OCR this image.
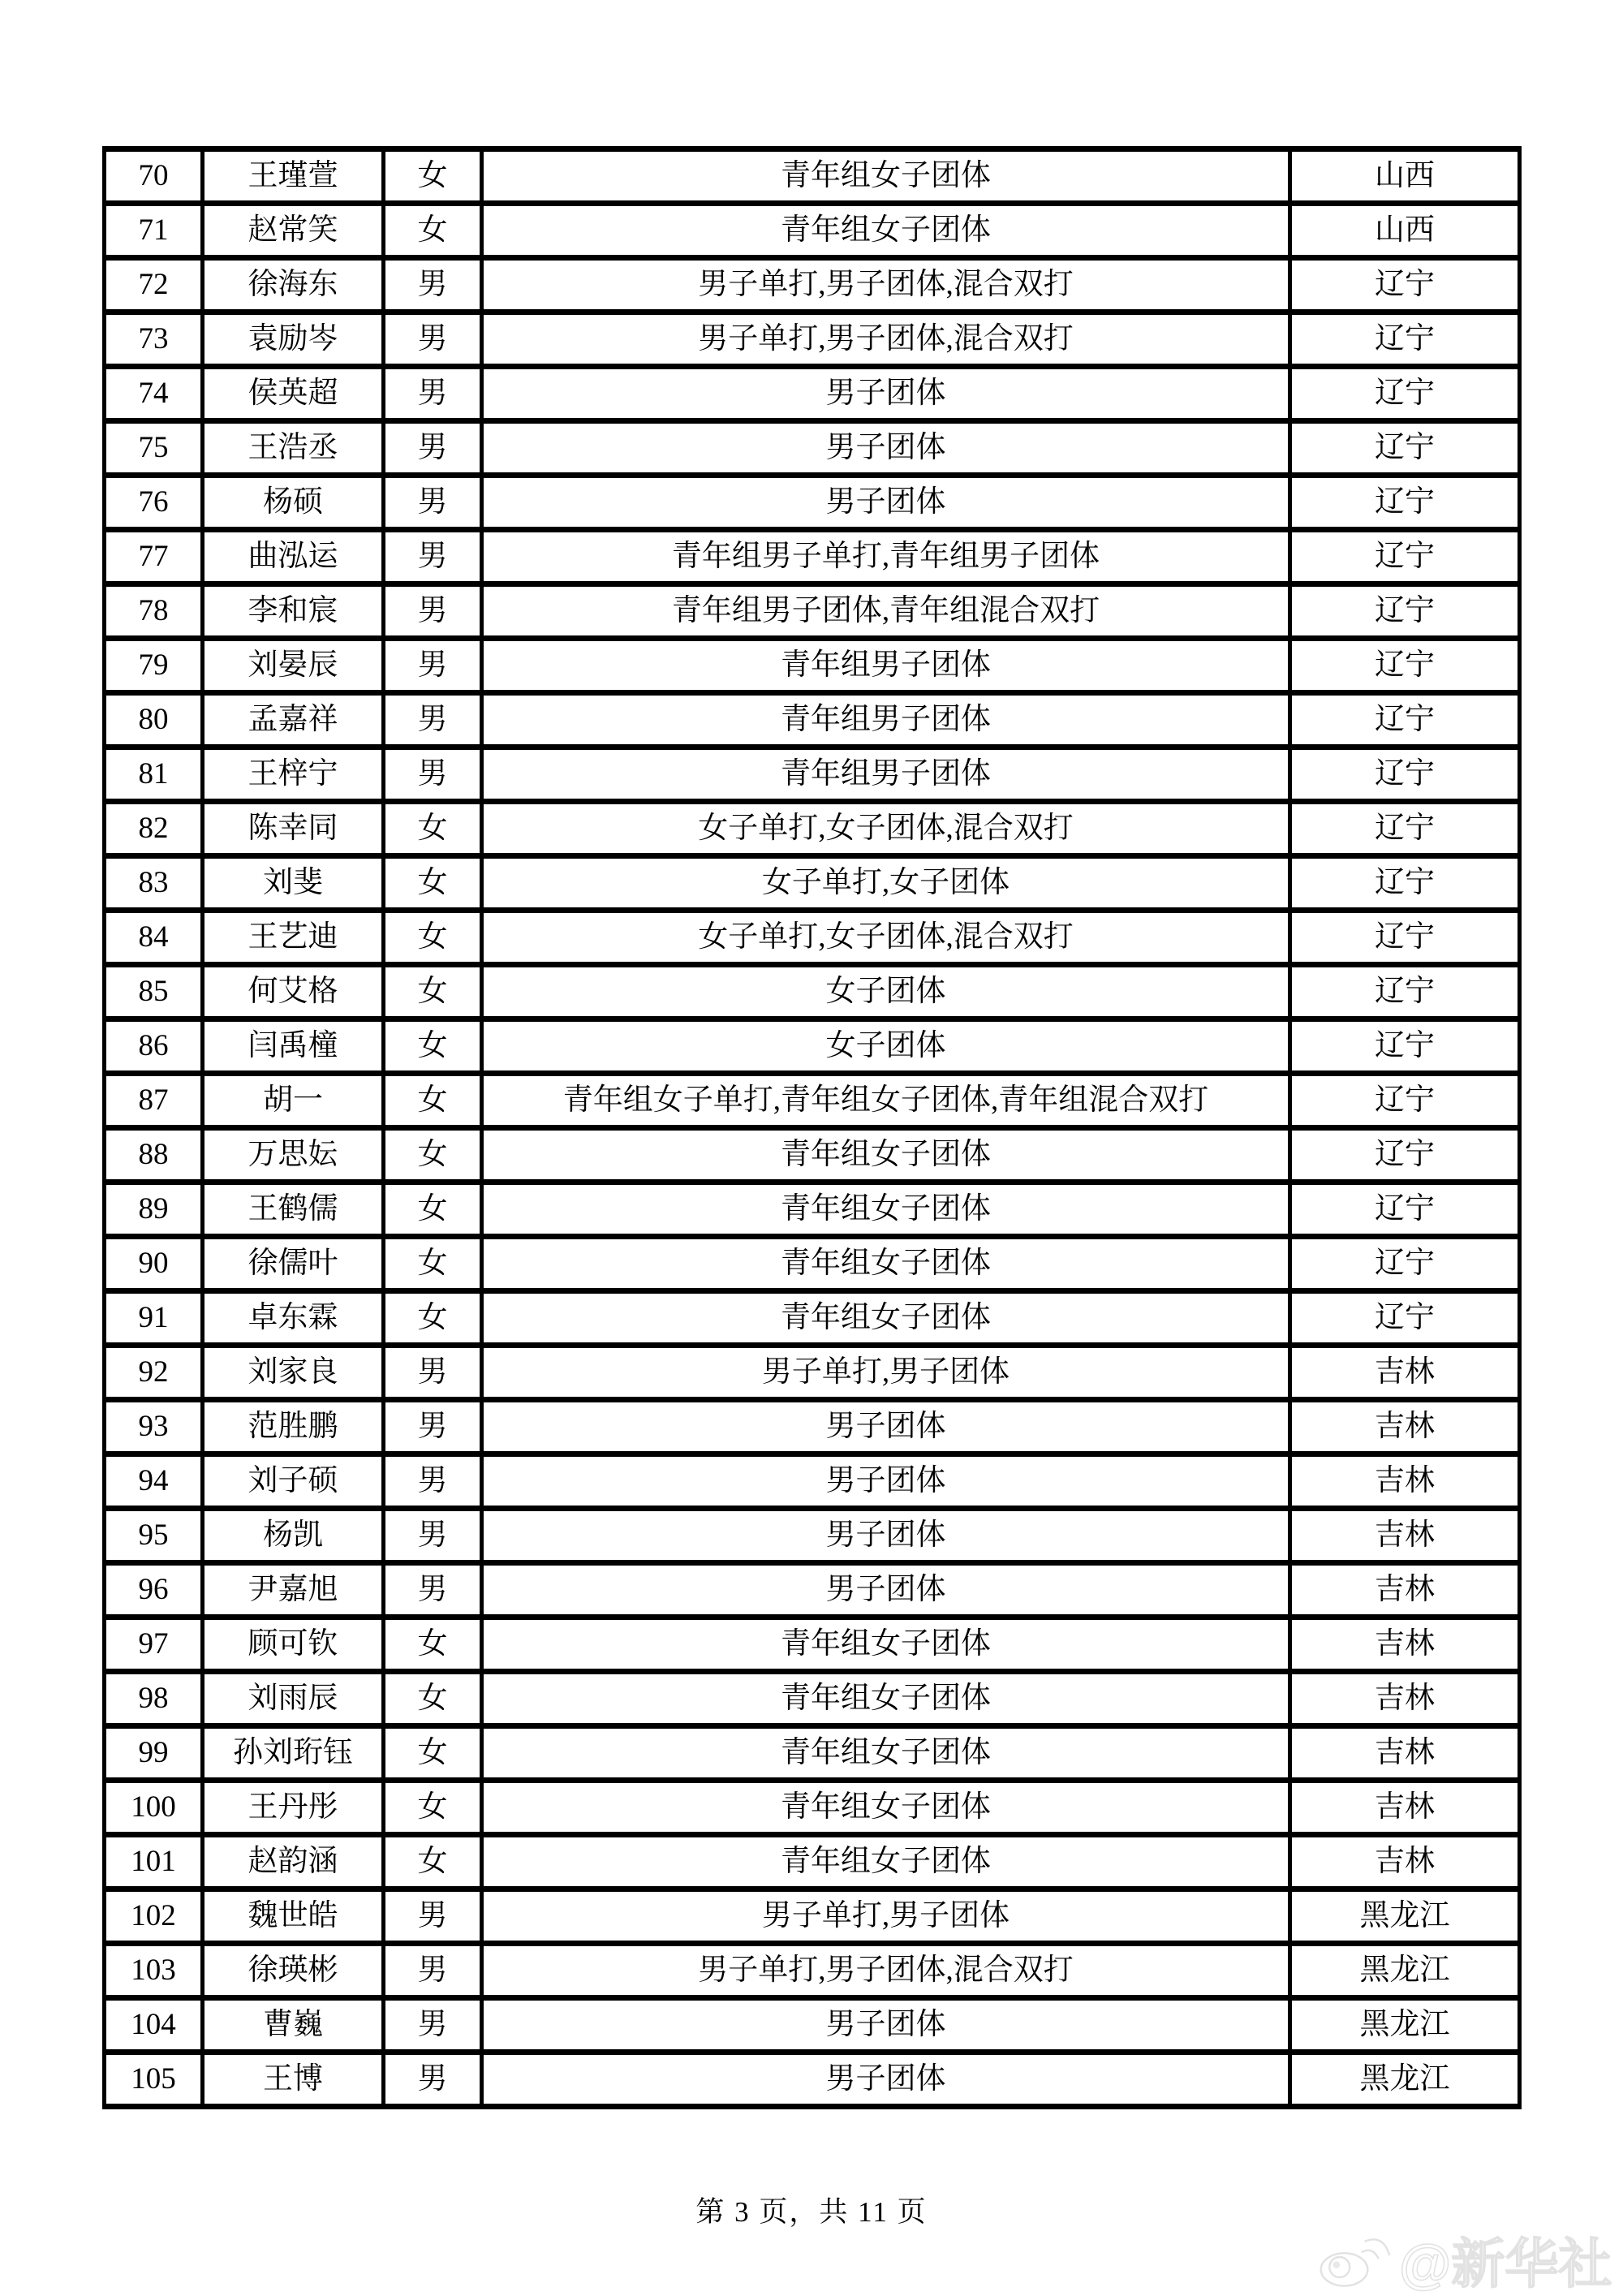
70	王瑾萱	女	青年组女子团体	山西
71	赵常笑	女	青年组女子团体	山西
72	徐海东	男	男子单打,男子团体,混合双打	辽宁
73	袁励岑	男	男子单打,男子团体,混合双打	辽宁
74	侯英超	男	男子团体	辽宁
75	王浩丞	男	男子团体	辽宁
76	杨硕	男	男子团体	辽宁
77	曲泓运	男	青年组男子单打,青年组男子团体	辽宁
78	李和宸	男	青年组男子团体,青年组混合双打	辽宁
79	刘晏辰	男	青年组男子团体	辽宁
80	孟嘉祥	男	青年组男子团体	辽宁
81	王梓宁	男	青年组男子团体	辽宁
82	陈幸同	女	女子单打,女子团体,混合双打	辽宁
83	刘斐	女	女子单打,女子团体	辽宁
84	王艺迪	女	女子单打,女子团体,混合双打	辽宁
85	何艾格	女	女子团体	辽宁
86	闫禹橦	女	女子团体	辽宁
87	胡一	女	青年组女子单打,青年组女子团体,青年组混合双打	辽宁
88	万思妘	女	青年组女子团体	辽宁
89	王鹤儒	女	青年组女子团体	辽宁
90	徐儒叶	女	青年组女子团体	辽宁
91	卓东霖	女	青年组女子团体	辽宁
92	刘家良	男	男子单打,男子团体	吉林
93	范胜鹏	男	男子团体	吉林
94	刘子硕	男	男子团体	吉林
95	杨凯	男	男子团体	吉林
96	尹嘉旭	男	男子团体	吉林
97	顾可钦	女	青年组女子团体	吉林
98	刘雨辰	女	青年组女子团体	吉林
99	孙刘珩钰	女	青年组女子团体	吉林
100	王丹彤	女	青年组女子团体	吉林
101	赵韵涵	女	青年组女子团体	吉林
102	魏世皓	男	男子单打,男子团体	黑龙江
103	徐瑛彬	男	男子单打,男子团体,混合双打	黑龙江
104	曹巍	男	男子团体	黑龙江
105	王博	男	男子团体	黑龙江
第 3 页，共 11 页
@新华社
